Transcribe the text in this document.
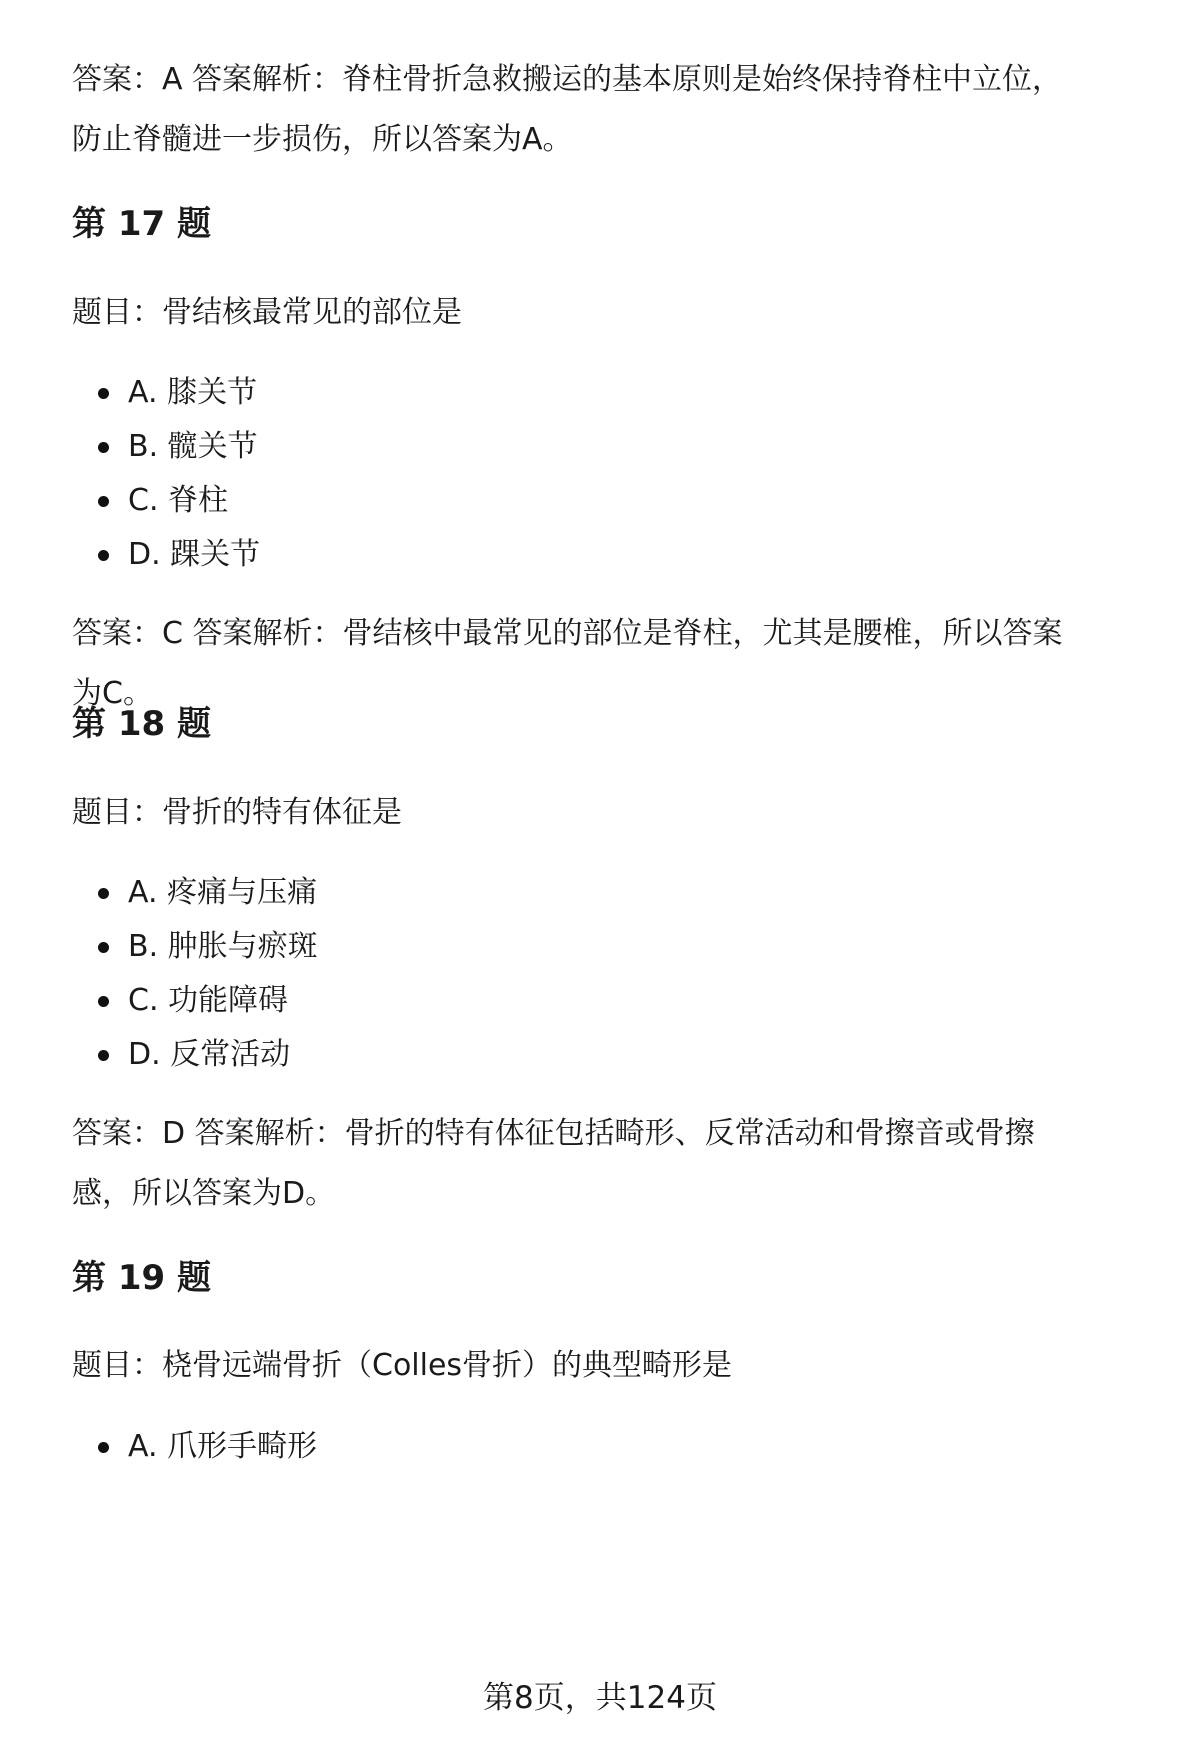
答案：A 答案解析：脊柱骨折急救搬运的基本原则是始终保持脊柱中立位，防止脊髓进一步损伤，所以答案为A。

第 17 题

题目：骨结核最常见的部位是

A. 膝关节
B. 髋关节
C. 脊柱
D. 踝关节

答案：C 答案解析：骨结核中最常见的部位是脊柱，尤其是腰椎，所以答案为C。

第 18 题

题目：骨折的特有体征是

A. 疼痛与压痛
B. 肿胀与瘀斑
C. 功能障碍
D. 反常活动

答案：D 答案解析：骨折的特有体征包括畸形、反常活动和骨擦音或骨擦感，所以答案为D。

第 19 题

题目：桡骨远端骨折（Colles骨折）的典型畸形是

A. 爪形手畸形
第8页，共124页
